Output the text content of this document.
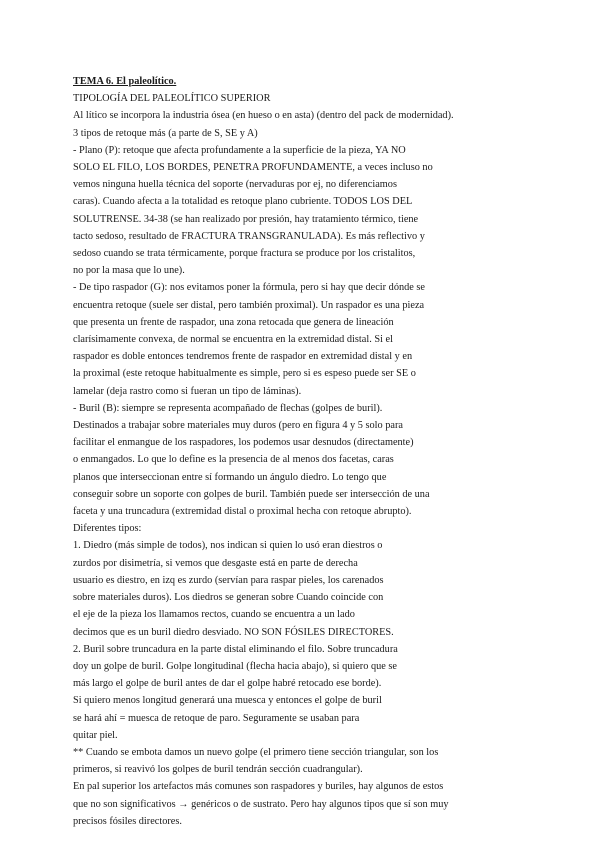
TEMA 6. El paleolítico.
TIPOLOGÍA DEL PALEOLÍTICO SUPERIOR
Al lítico se incorpora la industria ósea (en hueso o en asta) (dentro del pack de modernidad).
3 tipos de retoque más (a parte de S, SE y A)
- Plano (P): retoque que afecta profundamente a la superficie de la pieza, YA NO
SOLO EL FILO, LOS BORDES, PENETRA PROFUNDAMENTE, a veces incluso no
vemos ninguna huella técnica del soporte (nervaduras por ej, no diferenciamos
caras). Cuando afecta a la totalidad es retoque plano cubriente. TODOS LOS DEL
SOLUTRENSE. 34-38 (se han realizado por presión, hay tratamiento térmico, tiene
tacto sedoso, resultado de FRACTURA TRANSGRANULADA). Es más reflectivo y
sedoso cuando se trata térmicamente, porque fractura se produce por los cristalitos,
no por la masa que lo une).
- De tipo raspador (G): nos evitamos poner la fórmula, pero si hay que decir dónde se
encuentra retoque (suele ser distal, pero también proximal). Un raspador es una pieza
que presenta un frente de raspador, una zona retocada que genera de lineación
clarísimamente convexa, de normal se encuentra en la extremidad distal. Si el
raspador es doble entonces tendremos frente de raspador en extremidad distal y en
la proximal (este retoque habitualmente es simple, pero si es espeso puede ser SE o
lamelar (deja rastro como si fueran un tipo de láminas).
- Buril (B): siempre se representa acompañado de flechas (golpes de buril).
Destinados a trabajar sobre materiales muy duros (pero en figura 4 y 5 solo para
facilitar el enmangue de los raspadores, los podemos usar desnudos (directamente)
o enmangados. Lo que lo define es la presencia de al menos dos facetas, caras
planos que interseccionan entre sí formando un ángulo diedro. Lo tengo que
conseguir sobre un soporte con golpes de buril. También puede ser intersección de una
faceta y una truncadura (extremidad distal o proximal hecha con retoque abrupto).
Diferentes tipos:
1. Diedro (más simple de todos), nos indican si quien lo usó eran diestros o
zurdos por disimetría, si vemos que desgaste está en parte de derecha
usuario es diestro, en izq es zurdo (servían para raspar pieles, los carenados
sobre materiales duros). Los diedros se generan sobre Cuando coincide con
el eje de la pieza los llamamos rectos, cuando se encuentra a un lado
decimos que es un buril diedro desviado. NO SON FÓSILES DIRECTORES.
2. Buril sobre truncadura en la parte distal eliminando el filo. Sobre truncadura
doy un golpe de buril. Golpe longitudinal (flecha hacia abajo), si quiero que se
más largo el golpe de buril antes de dar el golpe habré retocado ese borde).
Si quiero menos longitud generará una muesca y entonces el golpe de buril
se hará ahí = muesca de retoque de paro. Seguramente se usaban para
quitar piel.
** Cuando se embota damos un nuevo golpe (el primero tiene sección triangular, son los
primeros, si reavivó los golpes de buril tendrán sección cuadrangular).
En pal superior los artefactos más comunes son raspadores y buriles, hay algunos de estos
que no son significativos → genéricos o de sustrato. Pero hay algunos tipos que sí son muy
precisos fósiles directores.
